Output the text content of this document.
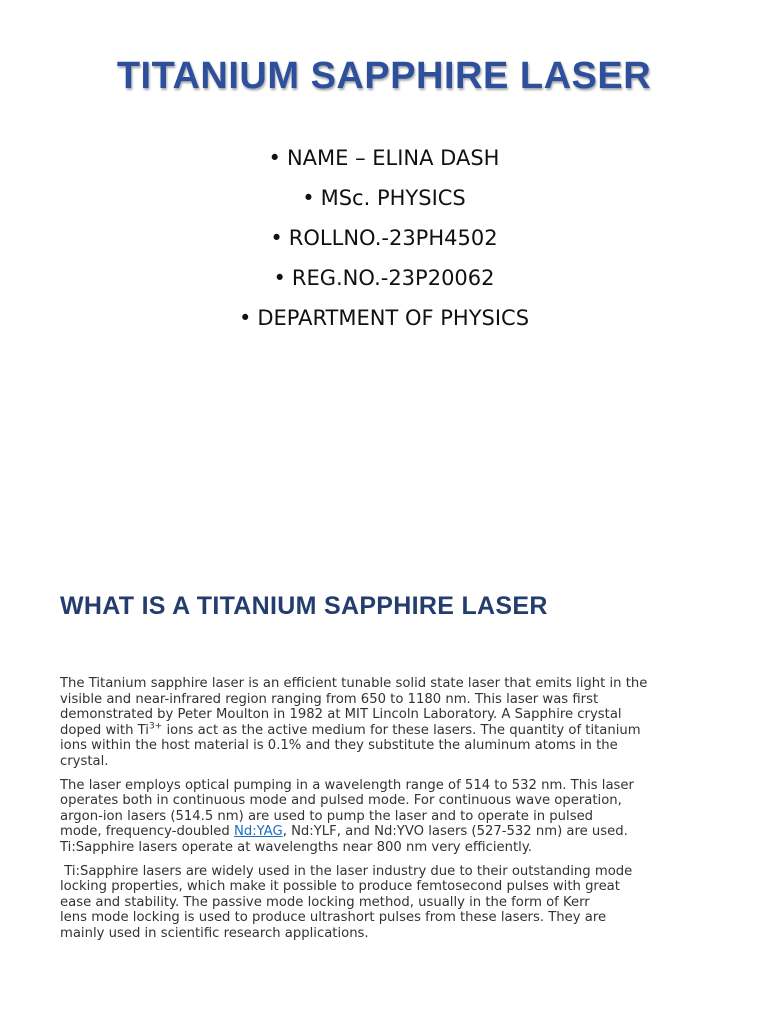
TITANIUM SAPPHIRE LASER
• NAME – ELINA DASH
• MSc. PHYSICS
• ROLLNO.-23PH4502
• REG.NO.-23P20062
• DEPARTMENT OF PHYSICS
WHAT IS A TITANIUM SAPPHIRE LASER

The Titanium sapphire laser is an efficient tunable solid state laser that emits light in the
visible and near-infrared region ranging from 650 to 1180 nm. This laser was first
demonstrated by Peter Moulton in 1982 at MIT Lincoln Laboratory. A Sapphire crystal
doped with $Ti^{3+}$ ions act as the active medium for these lasers. The quantity of titanium
ions within the host material is 0.1% and they substitute the aluminum atoms in the
crystal.

The laser employs optical pumping in a wavelength range of 514 to 532 nm. This laser
operates both in continuous mode and pulsed mode. For continuous wave operation,
argon-ion lasers (514.5 nm) are used to pump the laser and to operate in pulsed
mode, frequency-doubled Nd:YAG, Nd:YLF, and Nd:YVO lasers (527-532 nm) are used.
Ti:Sapphire lasers operate at wavelengths near 800 nm very efficiently.

Ti:Sapphire lasers are widely used in the laser industry due to their outstanding mode
locking properties, which make it possible to produce femtosecond pulses with great
ease and stability. The passive mode locking method, usually in the form of Kerr
lens mode locking is used to produce ultrashort pulses from these lasers. They are
mainly used in scientific research applications.
